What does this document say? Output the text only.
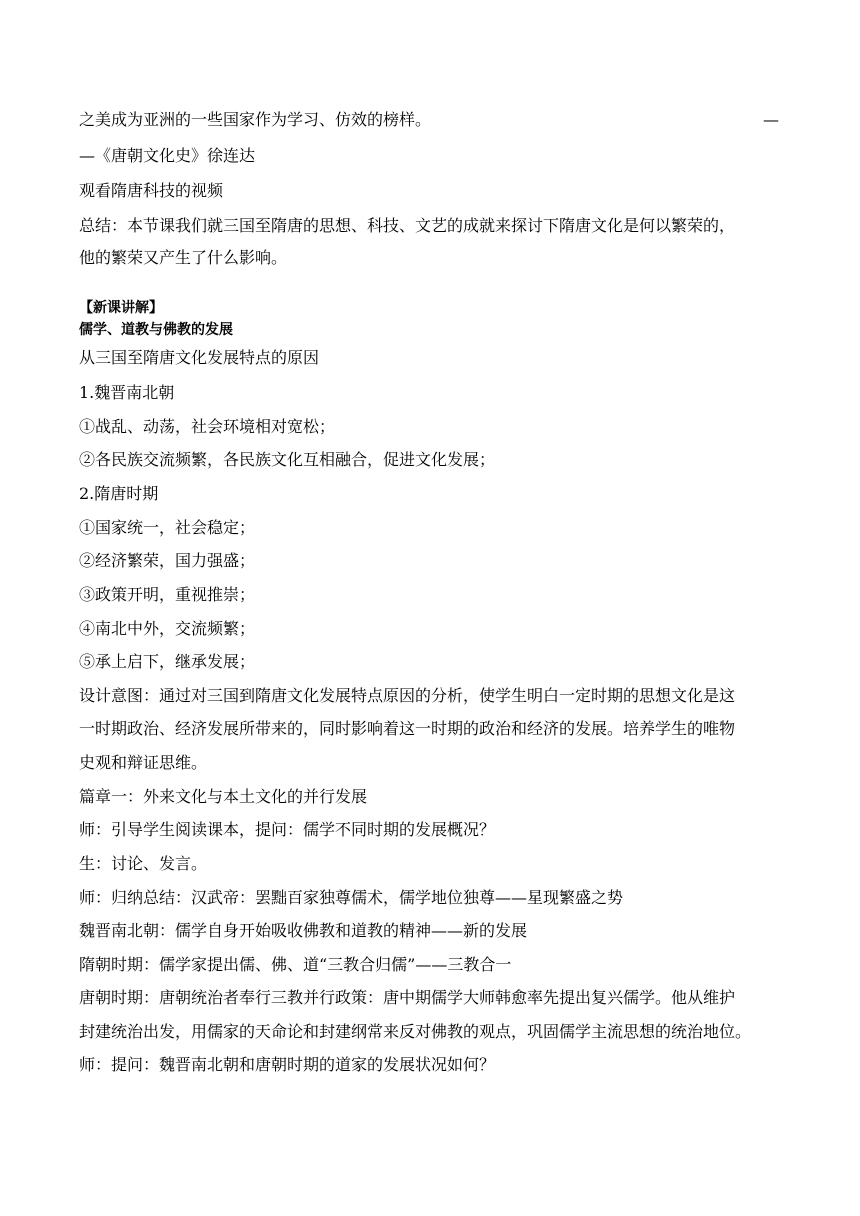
之美成为亚洲的一些国家作为学习、仿效的榜样。	—
—《唐朝文化史》徐连达
观看隋唐科技的视频
总结：本节课我们就三国至隋唐的思想、科技、文艺的成就来探讨下隋唐文化是何以繁荣的，
他的繁荣又产生了什么影响。
【新课讲解】
儒学、道教与佛教的发展
从三国至隋唐文化发展特点的原因
1.魏晋南北朝
①战乱、动荡，社会环境相对宽松；
②各民族交流频繁，各民族文化互相融合，促进文化发展；
2.隋唐时期
①国家统一，社会稳定；
②经济繁荣，国力强盛；
③政策开明，重视推崇；
④南北中外，交流频繁；
⑤承上启下，继承发展；
设计意图：通过对三国到隋唐文化发展特点原因的分析，使学生明白一定时期的思想文化是这
一时期政治、经济发展所带来的，同时影响着这一时期的政治和经济的发展。培养学生的唯物
史观和辩证思维。
篇章一：外来文化与本土文化的并行发展
师：引导学生阅读课本，提问：儒学不同时期的发展概况？
生：讨论、发言。
师：归纳总结：汉武帝：罢黜百家独尊儒术，儒学地位独尊——星现繁盛之势
魏晋南北朝：儒学自身开始吸收佛教和道教的精神——新的发展
隋朝时期：儒学家提出儒、佛、道“三教合归儒”——三教合一
唐朝时期：唐朝统治者奉行三教并行政策：唐中期儒学大师韩愈率先提出复兴儒学。他从维护
封建统治出发，用儒家的天命论和封建纲常来反对佛教的观点，巩固儒学主流思想的统治地位。
师：提问：魏晋南北朝和唐朝时期的道家的发展状况如何？
